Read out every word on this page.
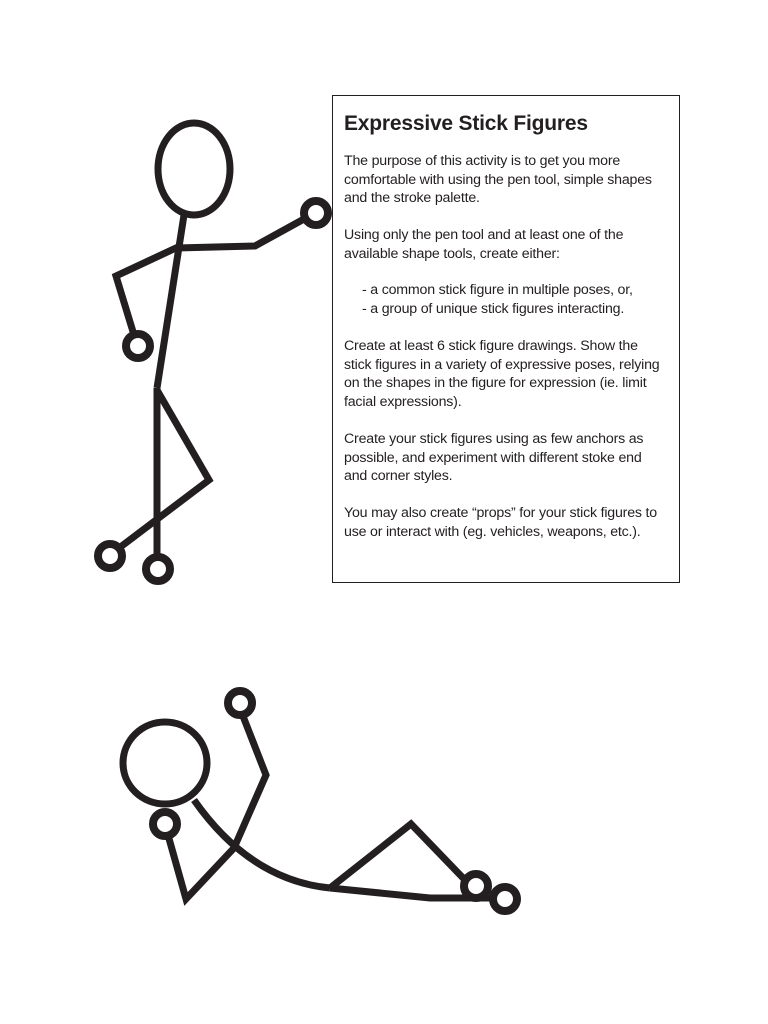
Expressive Stick Figures

The purpose of this activity is to get you more comfortable with using the pen tool, simple shapes and the stroke palette.

Using only the pen tool and at least one of the available shape tools, create either:

- a common stick figure in multiple poses, or,
- a group of unique stick figures interacting.

Create at least 6 stick figure drawings. Show the stick figures in a variety of expressive poses, relying on the shapes in the figure for expression (ie. limit facial expressions).

Create your stick figures using as few anchors as possible, and experiment with different stoke end and corner styles.

You may also create “props” for your stick figures to use or interact with (eg. vehicles, weapons, etc.).
